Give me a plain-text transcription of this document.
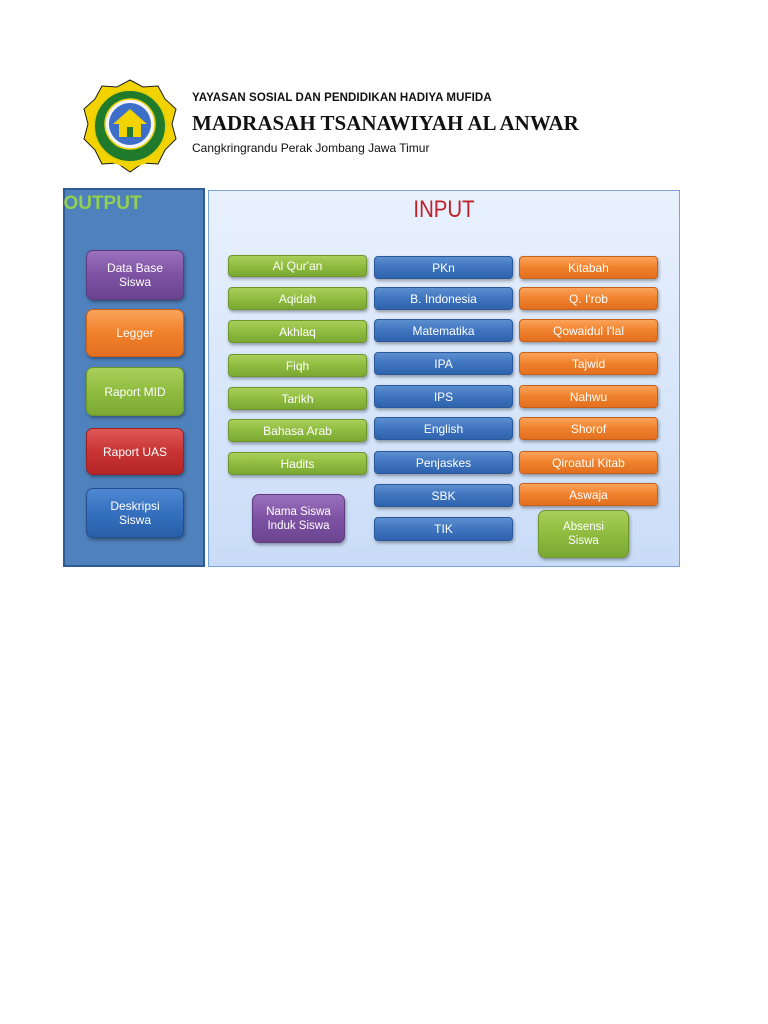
YAYASAN SOSIAL DAN PENDIDIKAN HADIYA MUFIDA
MADRASAH TSANAWIYAH AL ANWAR
Cangkringrandu Perak Jombang Jawa Timur
OUTPUT
Data Base
Siswa
Legger
Raport MID
Raport UAS
Deskripsi
Siswa
INPUT
Al Qur'an
Aqidah
Akhlaq
Fiqh
Tarikh
Bahasa Arab
Hadits
Nama Siswa
Induk Siswa
PKn
B. Indonesia
Matematika
IPA
IPS
English
Penjaskes
SBK
TIK
Kitabah
Q. I'rob
Qowaidul I'lal
Tajwid
Nahwu
Shorof
Qiroatul Kitab
Aswaja
Absensi
Siswa
